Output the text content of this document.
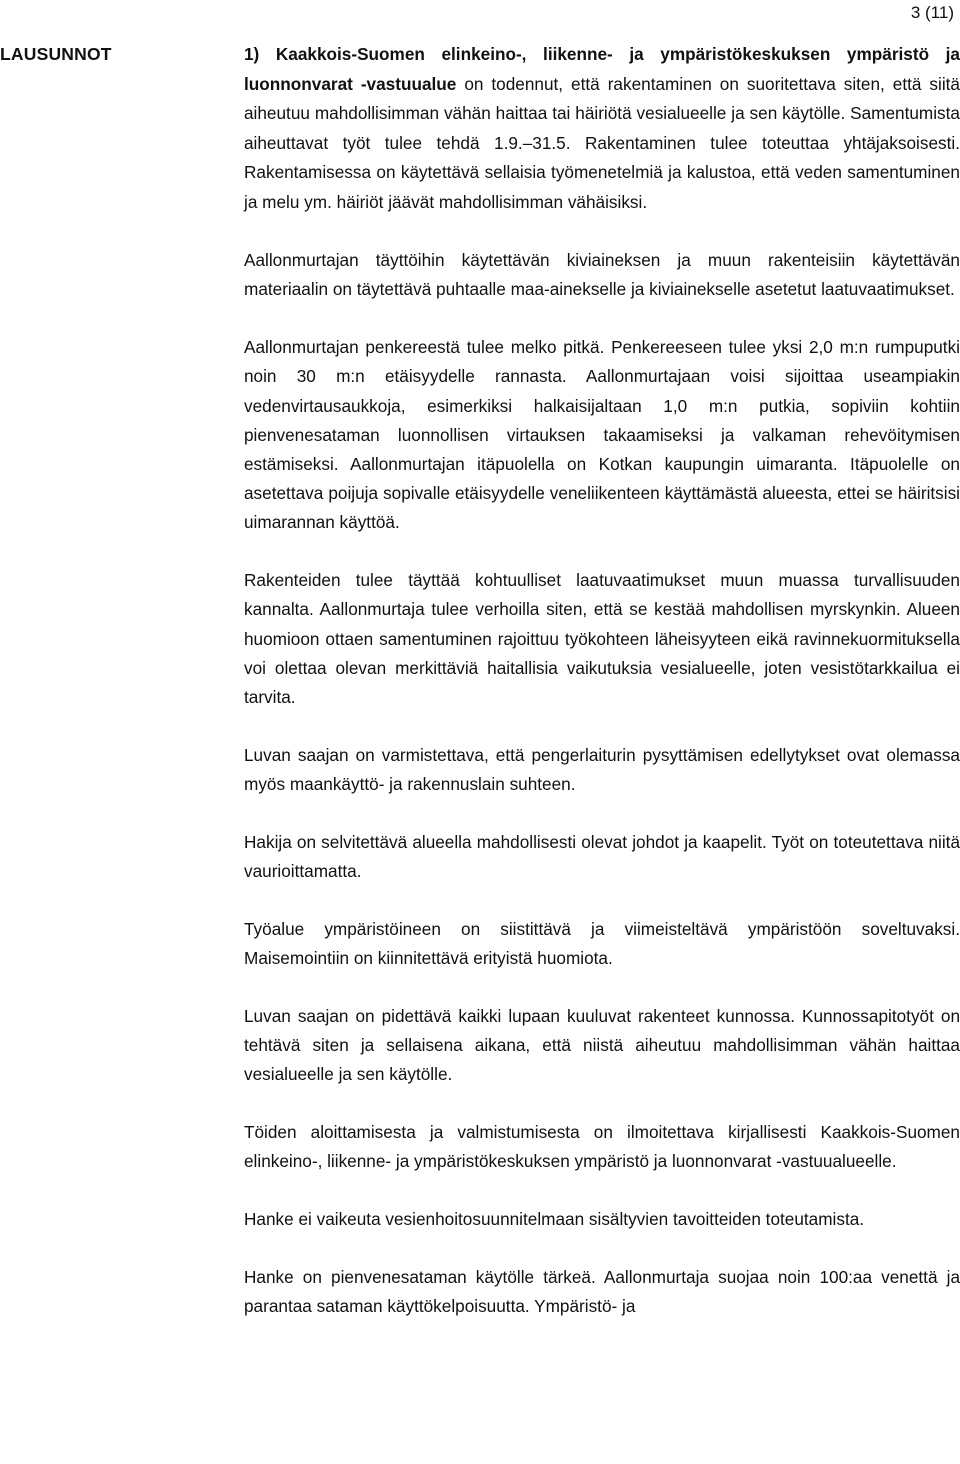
3 (11)
LAUSUNNOT	1) Kaakkois-Suomen elinkeino-, liikenne- ja ympäristökeskuksen ympäristö ja luonnonvarat -vastuualue on todennut, että rakentaminen on suoritettava siten, että siitä aiheutuu mahdollisimman vähän haittaa tai häiriötä vesialueelle ja sen käytölle. Samentumista aiheuttavat työt tulee tehdä 1.9.–31.5. Rakentaminen tulee toteuttaa yhtäjaksoisesti. Rakentamisessa on käytettävä sellaisia työmenetelmiä ja kalustoa, että veden samentuminen ja melu ym. häiriöt jäävät mahdollisimman vähäisiksi.

Aallonmurtajan täyttöihin käytettävän kiviaineksen ja muun rakenteisiin käytettävän materiaalin on täytettävä puhtaalle maa-ainekselle ja kiviainekselle asetetut laatuvaatimukset.

Aallonmurtajan penkereestä tulee melko pitkä. Penkereeseen tulee yksi 2,0 m:n rumpuputki noin 30 m:n etäisyydelle rannasta. Aallonmurtajaan voisi sijoittaa useampiakin vedenvirtausaukkoja, esimerkiksi halkaisijaltaan 1,0 m:n putkia, sopiviin kohtiin pienvenesataman luonnollisen virtauksen takaamiseksi ja valkaman rehevöitymisen estämiseksi. Aallonmurtajan itäpuolella on Kotkan kaupungin uimaranta. Itäpuolelle on asetettava poijuja sopivalle etäisyydelle veneliikenteen käyttämästä alueesta, ettei se häiritsisi uimarannan käyttöä.

Rakenteiden tulee täyttää kohtuulliset laatuvaatimukset muun muassa turvallisuuden kannalta. Aallonmurtaja tulee verhoilla siten, että se kestää mahdollisen myrskynkin. Alueen huomioon ottaen samentuminen rajoittuu työkohteen läheisyyteen eikä ravinnekuormituksella voi olettaa olevan merkittäviä haitallisia vaikutuksia vesialueelle, joten vesistötarkkailua ei tarvita.

Luvan saajan on varmistettava, että pengerlaiturin pysyttämisen edellytykset ovat olemassa myös maankäyttö- ja rakennuslain suhteen.

Hakija on selvitettävä alueella mahdollisesti olevat johdot ja kaapelit. Työt on toteutettava niitä vaurioittamatta.

Työalue ympäristöineen on siistittävä ja viimeisteltävä ympäristöön soveltuvaksi. Maisemointiin on kiinnitettävä erityistä huomiota.

Luvan saajan on pidettävä kaikki lupaan kuuluvat rakenteet kunnossa. Kunnossapitotyöt on tehtävä siten ja sellaisena aikana, että niistä aiheutuu mahdollisimman vähän haittaa vesialueelle ja sen käytölle.

Töiden aloittamisesta ja valmistumisesta on ilmoitettava kirjallisesti Kaakkois-Suomen elinkeino-, liikenne- ja ympäristökeskuksen ympäristö ja luonnonvarat -vastuualueelle.

Hanke ei vaikeuta vesienhoitosuunnitelmaan sisältyvien tavoitteiden toteutamista.

Hanke on pienvenesataman käytölle tärkeä. Aallonmurtaja suojaa noin 100:aa venettä ja parantaa sataman käyttökelpoisuutta. Ympäristö- ja
